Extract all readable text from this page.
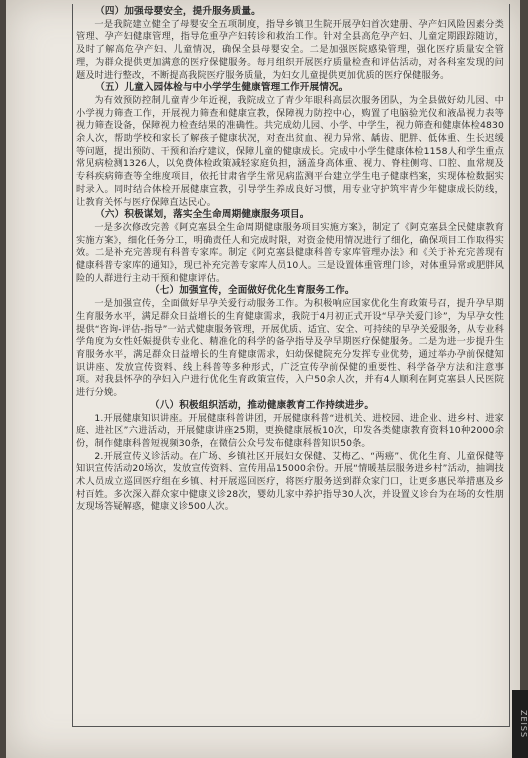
（四）加强母婴安全，提升服务质量。

一是我院建立健全了母婴安全五项制度，指导乡镇卫生院开展孕妇首次建册、孕产妇风险因素分类管理、孕产妇健康管理，指导危重孕产妇转诊和救治工作。针对全县高危孕产妇、儿童定期跟踪随访，及时了解高危孕产妇、儿童情况，确保全县母婴安全。二是加强医院感染管理，强化医疗质量安全管理，为群众提供更加满意的医疗保健服务。每月组织开展医疗质量检查和评估活动，对各科室发现的问题及时进行整改，不断提高我院医疗服务质量，为妇女儿童提供更加优质的医疗保健服务。

（五）儿童入园体检与中小学学生健康管理工作开展情况。

为有效预防控制儿童青少年近视，我院成立了青少年眼科高层次服务团队，为全县做好幼儿园、中小学视力筛查工作，开展视力筛查和健康宣教，保障视力防控中心，购置了电脑验光仪和液晶视力表等视力筛查设备，保障视力检查结果的准确性。共完成幼儿园、小学、中学生，视力筛查和健康体检4830余人次，帮助学校和家长了解孩子健康状况，对查出贫血、视力异常、龋齿、肥胖、低体重、生长迟缓等问题，提出预防、干预和治疗建议，保障儿童的健康成长。完成中小学生健康体检1158人和学生重点常见病检测1326人，以免费体检政策减轻家庭负担，涵盖身高体重、视力、脊柱侧弯、口腔、血常规及专科疾病筛查等全维度项目，依托甘肃省学生常见病监测平台建立学生电子健康档案，实现体检数据实时录入。同时结合体检开展健康宣教，引导学生养成良好习惯，用专业守护筑牢青少年健康成长防线，让教育关怀与医疗保障直达民心。

（六）积极谋划，落实全生命周期健康服务项目。

一是多次修改完善《阿克塞县全生命周期健康服务项目实施方案》，制定了《阿克塞县全民健康教育实施方案》，细化任务分工，明确责任人和完成时限，对资金使用情况进行了细化，确保项目工作取得实效。二是补充完善现有科普专家库。制定《阿克塞县健康科普专家库管理办法》和《关于补充完善现有健康科普专家库的通知》，现已补充完善专家库人员10人。三是设置体重管理门诊，对体重异常或肥胖风险的人群进行主动干预和健康评估。

（七）加强宣传，全面做好优化生育服务工作。

一是加强宣传，全面做好早孕关爱行动服务工作。为积极响应国家优化生育政策号召，提升孕早期生育服务水平，满足群众日益增长的生育健康需求，我院于4月初正式开设“早孕关爱门诊”，为早孕女性提供“咨询-评估-指导”一站式健康服务管理，开展优质、适宜、安全、可持续的早孕关爱服务，从专业科学角度为女性妊娠提供专业化、精准化的科学的备孕指导及孕早期医疗保健服务。二是为进一步提升生育服务水平，满足群众日益增长的生育健康需求，妇幼保健院充分发挥专业优势，通过举办孕前保健知识讲座、发放宣传资料、线上科普等多种形式，广泛宣传孕前保健的重要性、科学备孕方法和注意事项。对我县怀孕的孕妇入户进行优化生育政策宣传，入户50余人次，并有4人顺利在阿克塞县人民医院进行分娩。

（八）积极组织活动，推动健康教育工作持续进步。

1.开展健康知识讲座。开展健康科普讲团，开展健康科普“进机关、进校园、进企业、进乡村、进家庭、进社区”六进活动，开展健康讲座25期，更换健康展板10次，印发各类健康教育资料10种2000余份，制作健康科普短视频30条，在微信公众号发布健康科普知识50条。

2.开展宣传义诊活动。在广场、乡镇社区开展妇女保健、艾梅乙、“两癌”、优化生育、儿童保健等知识宣传活动20场次，发放宣传资料、宣传用品15000余份。开展“情暖基层服务进乡村”活动，抽调技术人员成立巡回医疗组在乡镇、村开展巡回医疗，将医疗服务送到群众家门口，让更多惠民举措惠及乡村百姓。多次深入群众家中健康义诊28次，婴幼儿家中养护指导30人次，并设置义诊台为在场的女性朋友现场答疑解惑，健康义诊500人次。

ZEISS
